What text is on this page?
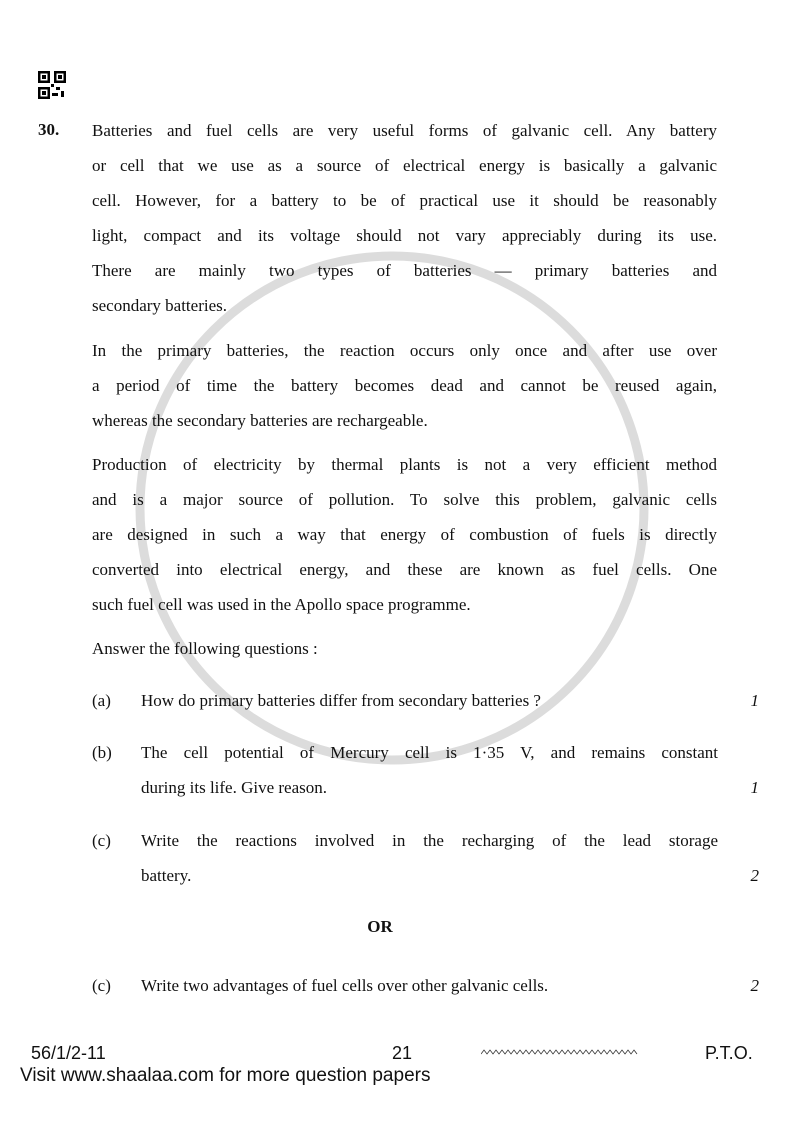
30. Batteries and fuel cells are very useful forms of galvanic cell. Any battery
or cell that we use as a source of electrical energy is basically a galvanic
cell. However, for a battery to be of practical use it should be reasonably
light, compact and its voltage should not vary appreciably during its use.
There are mainly two types of batteries — primary batteries and
secondary batteries.
In the primary batteries, the reaction occurs only once and after use over
a period of time the battery becomes dead and cannot be reused again,
whereas the secondary batteries are rechargeable.
Production of electricity by thermal plants is not a very efficient method
and is a major source of pollution. To solve this problem, galvanic cells
are designed in such a way that energy of combustion of fuels is directly
converted into electrical energy, and these are known as fuel cells. One
such fuel cell was used in the Apollo space programme.
Answer the following questions :
(a) How do primary batteries differ from secondary batteries ?	1
(b) The cell potential of Mercury cell is 1·35 V, and remains constant
during its life. Give reason.	1
(c) Write the reactions involved in the recharging of the lead storage
battery.	2
OR
(c) Write two advantages of fuel cells over other galvanic cells.	2
56/1/2-11	21	P.T.O.
Visit www.shaalaa.com for more question papers
